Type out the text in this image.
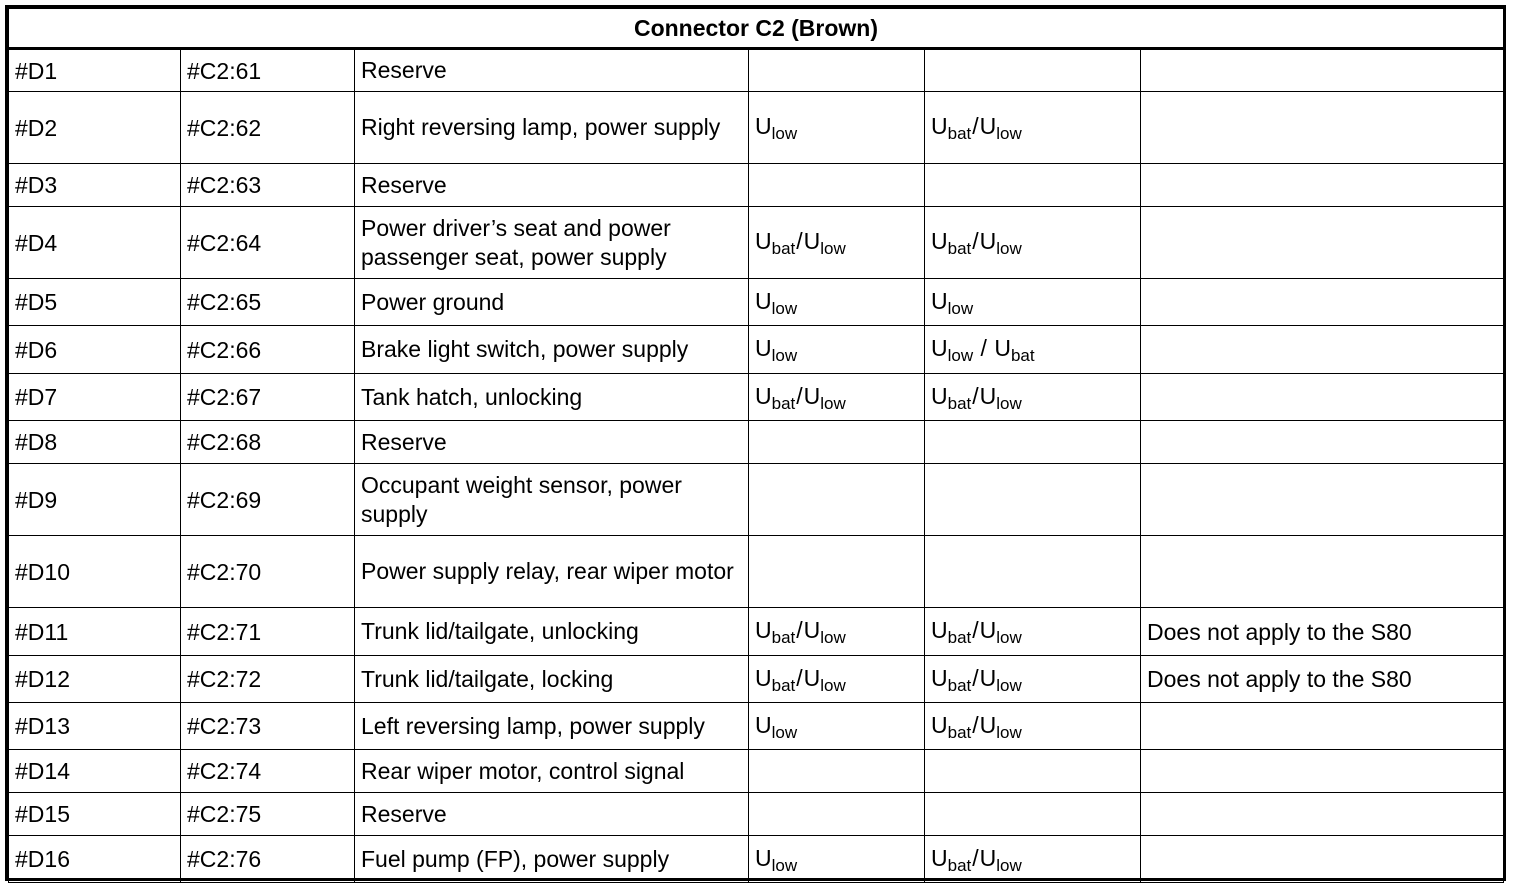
Connector C2 (Brown)					
#D1	#C2:61	Reserve			
#D2	#C2:62	Right reversing lamp, power supply	$U_{low}$	$U_{bat}/U_{low}$	
#D3	#C2:63	Reserve			
#D4	#C2:64	Power driver’s seat and power passenger seat, power supply	$U_{bat}/U_{low}$	$U_{bat}/U_{low}$	
#D5	#C2:65	Power ground	$U_{low}$	$U_{low}$	
#D6	#C2:66	Brake light switch, power supply	$U_{low}$	$U_{low} / U_{bat}$	
#D7	#C2:67	Tank hatch, unlocking	$U_{bat}/U_{low}$	$U_{bat}/U_{low}$	
#D8	#C2:68	Reserve			
#D9	#C2:69	Occupant weight sensor, power supply			
#D10	#C2:70	Power supply relay, rear wiper motor			
#D11	#C2:71	Trunk lid/tailgate, unlocking	$U_{bat}/U_{low}$	$U_{bat}/U_{low}$	Does not apply to the S80
#D12	#C2:72	Trunk lid/tailgate, locking	$U_{bat}/U_{low}$	$U_{bat}/U_{low}$	Does not apply to the S80
#D13	#C2:73	Left reversing lamp, power supply	$U_{low}$	$U_{bat}/U_{low}$	
#D14	#C2:74	Rear wiper motor, control signal			
#D15	#C2:75	Reserve			
#D16	#C2:76	Fuel pump (FP), power supply	$U_{low}$	$U_{bat}/U_{low}$	
